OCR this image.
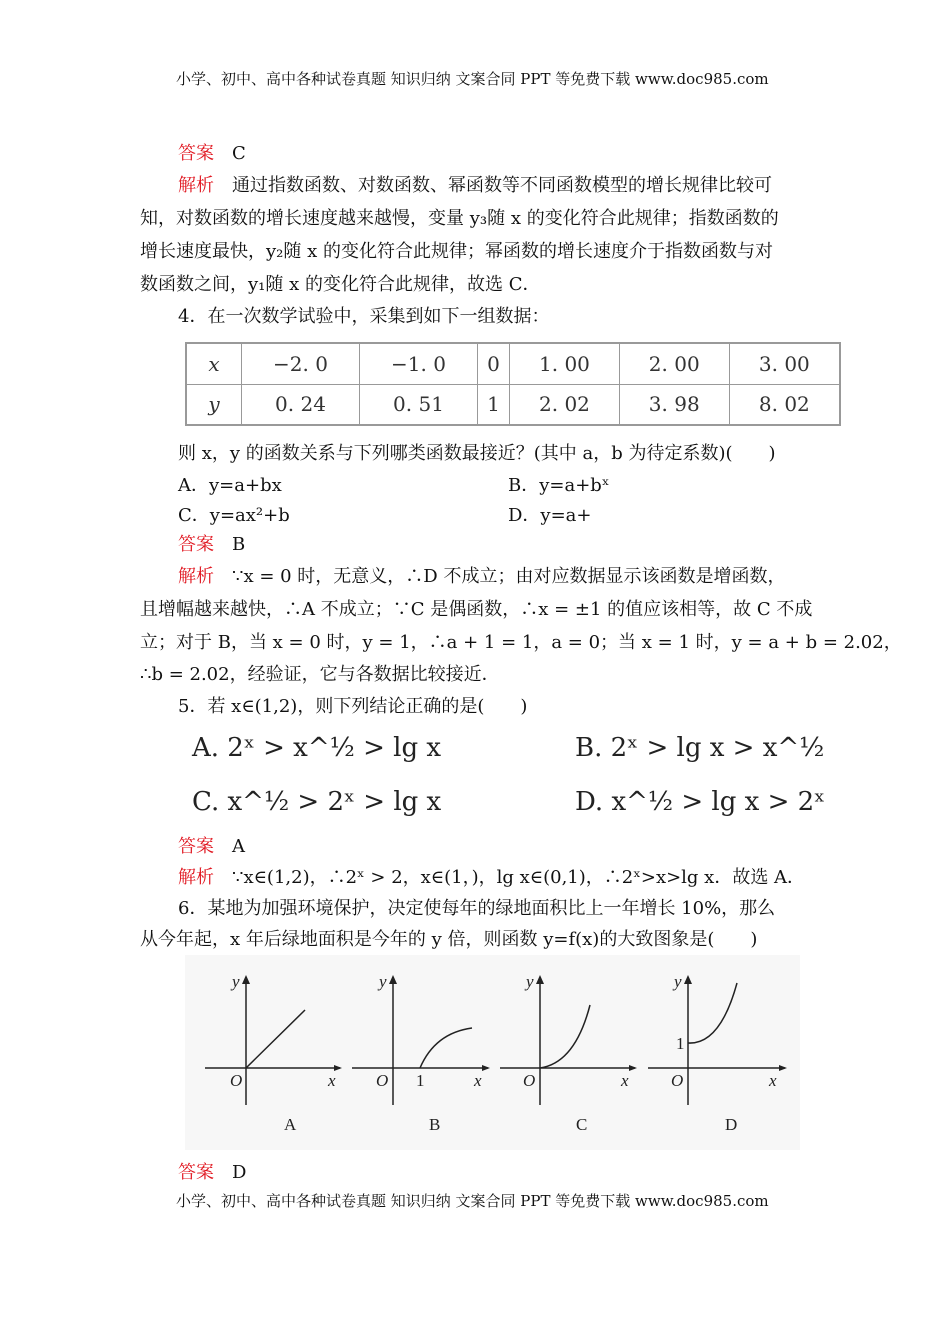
小学、初中、高中各种试卷真题 知识归纳 文案合同 PPT 等免费下载 www.doc985.com
答案 C
解析 通过指数函数、对数函数、幂函数等不同函数模型的增长规律比较可
知，对数函数的增长速度越来越慢，变量 y₃随 x 的变化符合此规律；指数函数的
增长速度最快，y₂随 x 的变化符合此规律；幂函数的增长速度介于指数函数与对
数函数之间，y₁随 x 的变化符合此规律，故选 C．
4．在一次数学试验中，采集到如下一组数据：
x	−2. 0	−1. 0	0	1. 00	2. 00	3. 00
y	0. 24	0. 51	1	2. 02	3. 98	8. 02
则 x，y 的函数关系与下列哪类函数最接近？(其中 a，b 为待定系数)(　　)
A．y=a+bx	B．y=a+bˣ
C．y=ax²+b	D．y=a+
答案 B
解析 ∵x = 0 时，无意义，∴D 不成立；由对应数据显示该函数是增函数，
且增幅越来越快，∴A 不成立；∵C 是偶函数，∴x = ±1 的值应该相等，故 C 不成
立；对于 B，当 x = 0 时，y = 1，∴a + 1 = 1，a = 0；当 x = 1 时，y = a + b = 2.02，
∴b = 2.02，经验证，它与各数据比较接近．
5．若 x∈(1,2)，则下列结论正确的是(　　)
A. 2ˣ > x^½ > lg x	B. 2ˣ > lg x > x^½
C. x^½ > 2ˣ > lg x	D. x^½ > lg x > 2ˣ
答案 A
解析 ∵x∈(1,2)，∴2ˣ > 2，x∈(1，)，lg x∈(0,1)，∴2ˣ>x>lg x．故选 A．
6．某地为加强环境保护，决定使每年的绿地面积比上一年增长 10%，那么
从今年起，x 年后绿地面积是今年的 y 倍，则函数 y=f(x)的大致图象是(　　)
y	y	y	y
x	x	x	x
O	O	O	O
1
1
A	B	C	D
答案 D
小学、初中、高中各种试卷真题 知识归纳 文案合同 PPT 等免费下载 www.doc985.com
